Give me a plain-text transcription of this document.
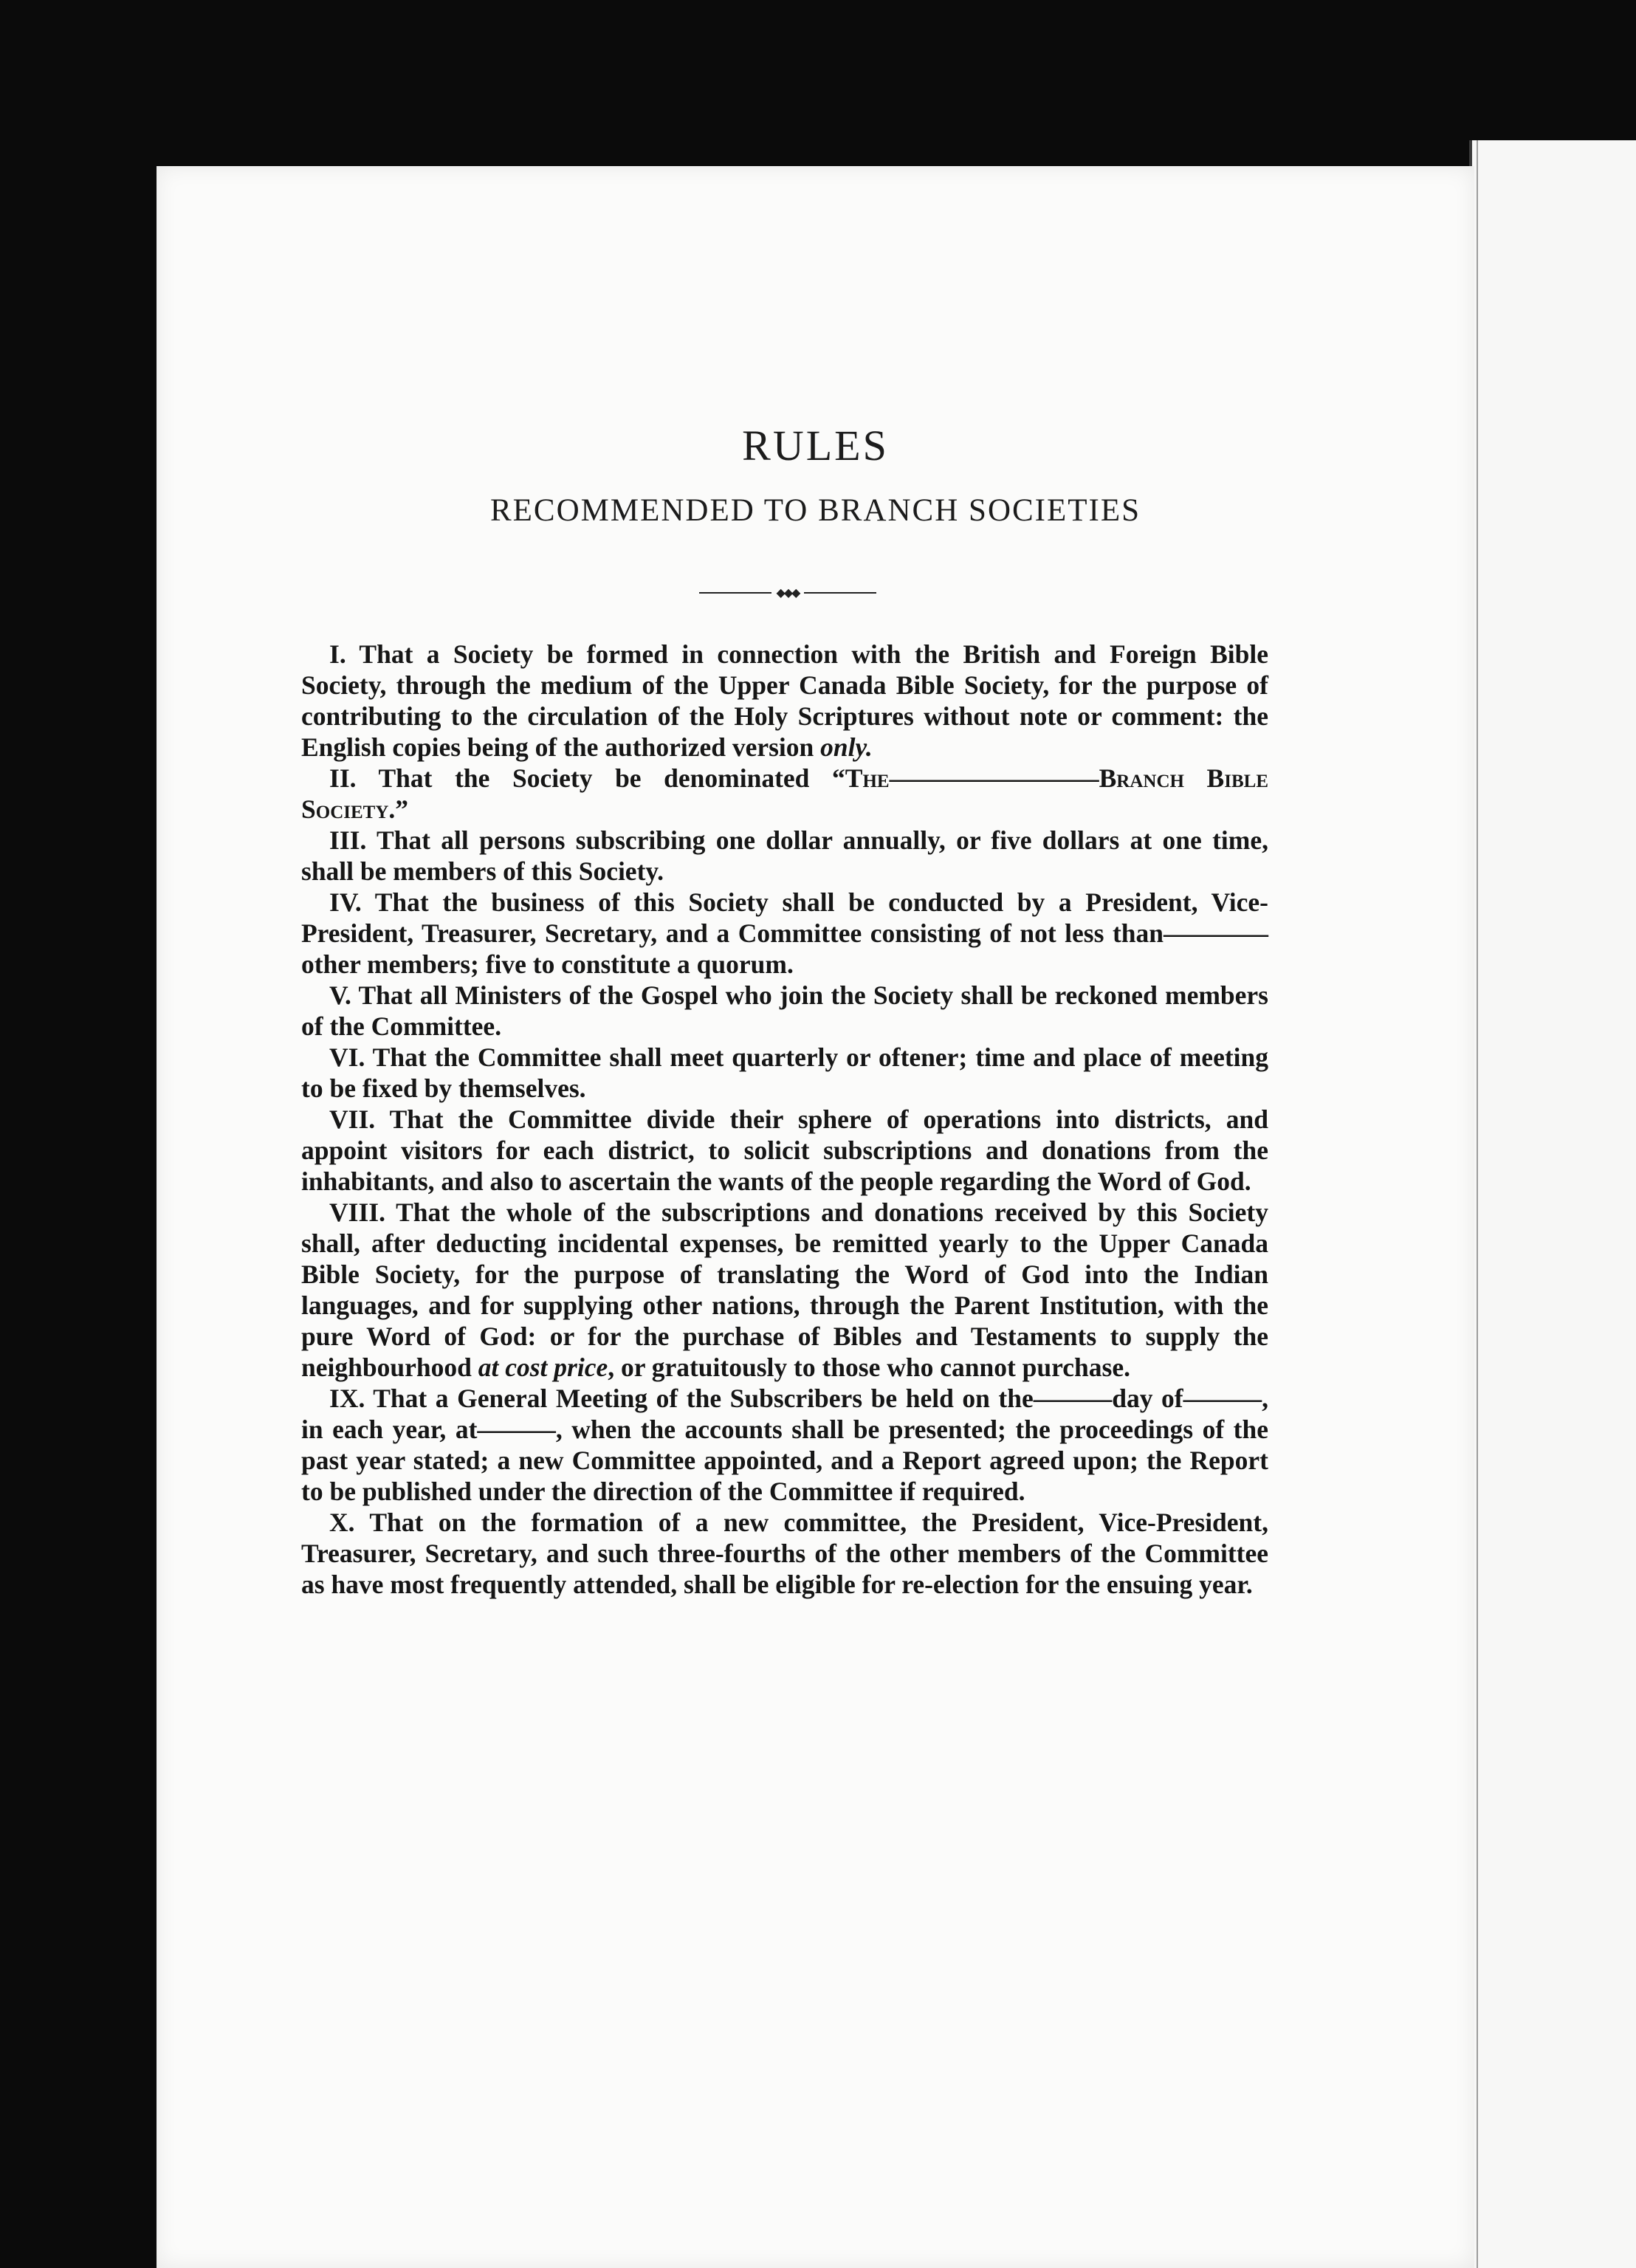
RULES
RECOMMENDED TO BRANCH SOCIETIES
◆◆◆

I. That a Society be formed in connection with the British and Foreign Bible Society, through the medium of the Upper Canada Bible Society, for the purpose of contributing to the circulation of the Holy Scriptures without note or comment: the English copies being of the authorized version only.

II. That the Society be denominated “The————————Branch Bible Society.”

III. That all persons subscribing one dollar annually, or five dollars at one time, shall be members of this Society.

IV. That the business of this Society shall be conducted by a President, Vice-President, Treasurer, Secretary, and a Committee consisting of not less than————other members; five to constitute a quorum.

V. That all Ministers of the Gospel who join the Society shall be reckoned members of the Committee.

VI. That the Committee shall meet quarterly or oftener; time and place of meeting to be fixed by themselves.

VII. That the Committee divide their sphere of operations into districts, and appoint visitors for each district, to solicit subscriptions and donations from the inhabitants, and also to ascertain the wants of the people regarding the Word of God.

VIII. That the whole of the subscriptions and donations received by this Society shall, after deducting incidental expenses, be remitted yearly to the Upper Canada Bible Society, for the purpose of translating the Word of God into the Indian languages, and for supplying other nations, through the Parent Institution, with the pure Word of God: or for the purchase of Bibles and Testaments to supply the neighbourhood at cost price, or gratuitously to those who cannot purchase.

IX. That a General Meeting of the Subscribers be held on the———day of———, in each year, at———, when the accounts shall be presented; the proceedings of the past year stated; a new Committee appointed, and a Report agreed upon; the Report to be published under the direction of the Committee if required.

X. That on the formation of a new committee, the President, Vice-President, Treasurer, Secretary, and such three-fourths of the other members of the Committee as have most frequently attended, shall be eligible for re-election for the ensuing year.
